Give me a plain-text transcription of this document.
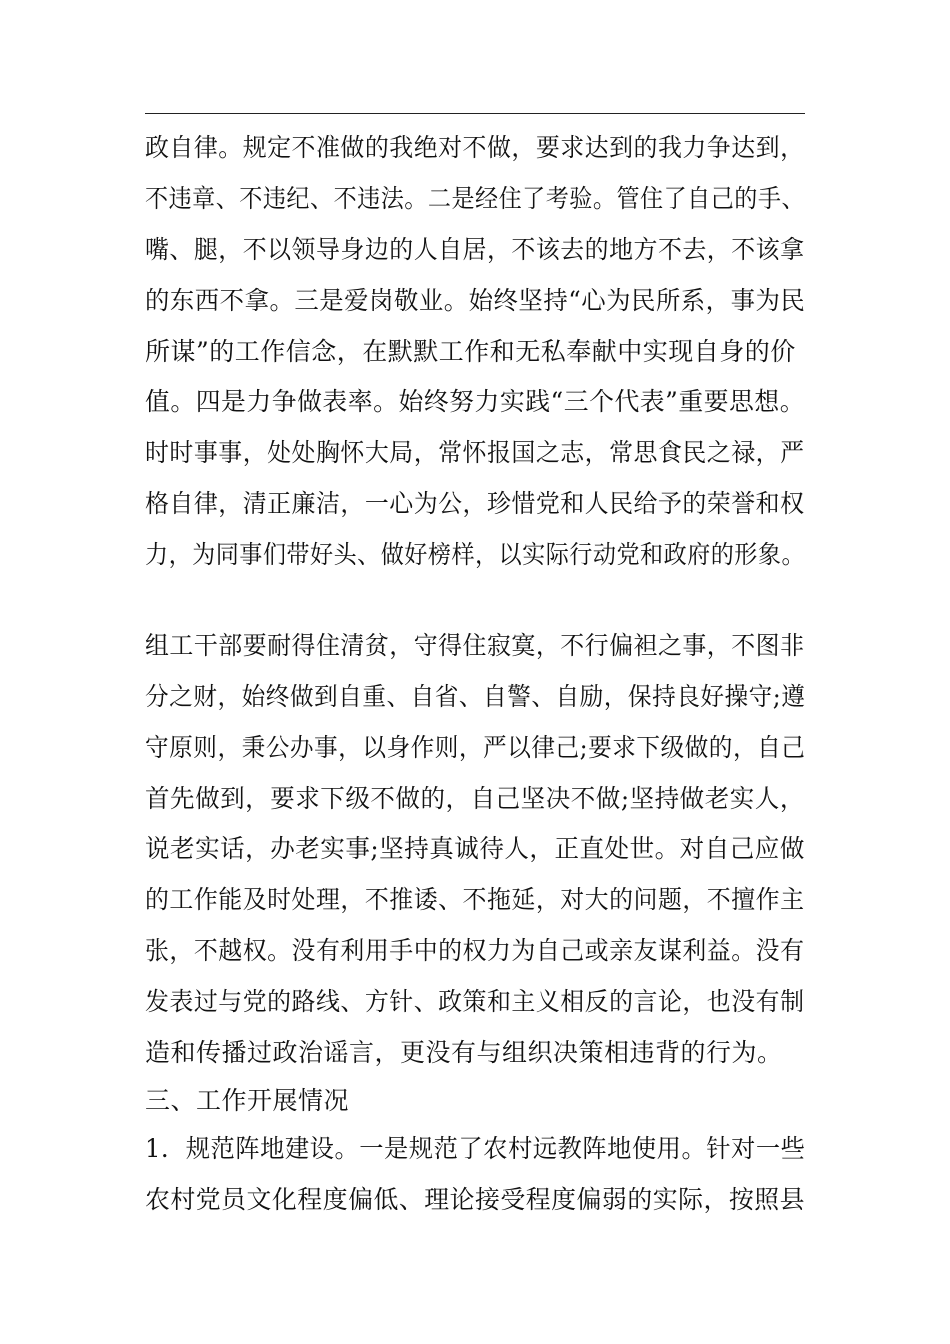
政自律。规定不准做的我绝对不做，要求达到的我力争达到，
不违章、不违纪、不违法。二是经住了考验。管住了自己的手、
嘴、腿，不以领导身边的人自居，不该去的地方不去，不该拿
的东西不拿。三是爱岗敬业。始终坚持“心为民所系，事为民
所谋”的工作信念，在默默工作和无私奉献中实现自身的价
值。四是力争做表率。始终努力实践“三个代表”重要思想。
时时事事，处处胸怀大局，常怀报国之志，常思食民之禄，严
格自律，清正廉洁，一心为公，珍惜党和人民给予的荣誉和权
力，为同事们带好头、做好榜样，以实际行动党和政府的形象。
组工干部要耐得住清贫，守得住寂寞，不行偏袒之事，不图非
分之财，始终做到自重、自省、自警、自励，保持良好操守;遵
守原则，秉公办事，以身作则，严以律己;要求下级做的，自己
首先做到，要求下级不做的，自己坚决不做;坚持做老实人，
说老实话，办老实事;坚持真诚待人，正直处世。对自己应做
的工作能及时处理，不推诿、不拖延，对大的问题，不擅作主
张，不越权。没有利用手中的权力为自己或亲友谋利益。没有
发表过与党的路线、方针、政策和主义相反的言论，也没有制
造和传播过政治谣言，更没有与组织决策相违背的行为。
三、工作开展情况
1．规范阵地建设。一是规范了农村远教阵地使用。针对一些
农村党员文化程度偏低、理论接受程度偏弱的实际，按照县
